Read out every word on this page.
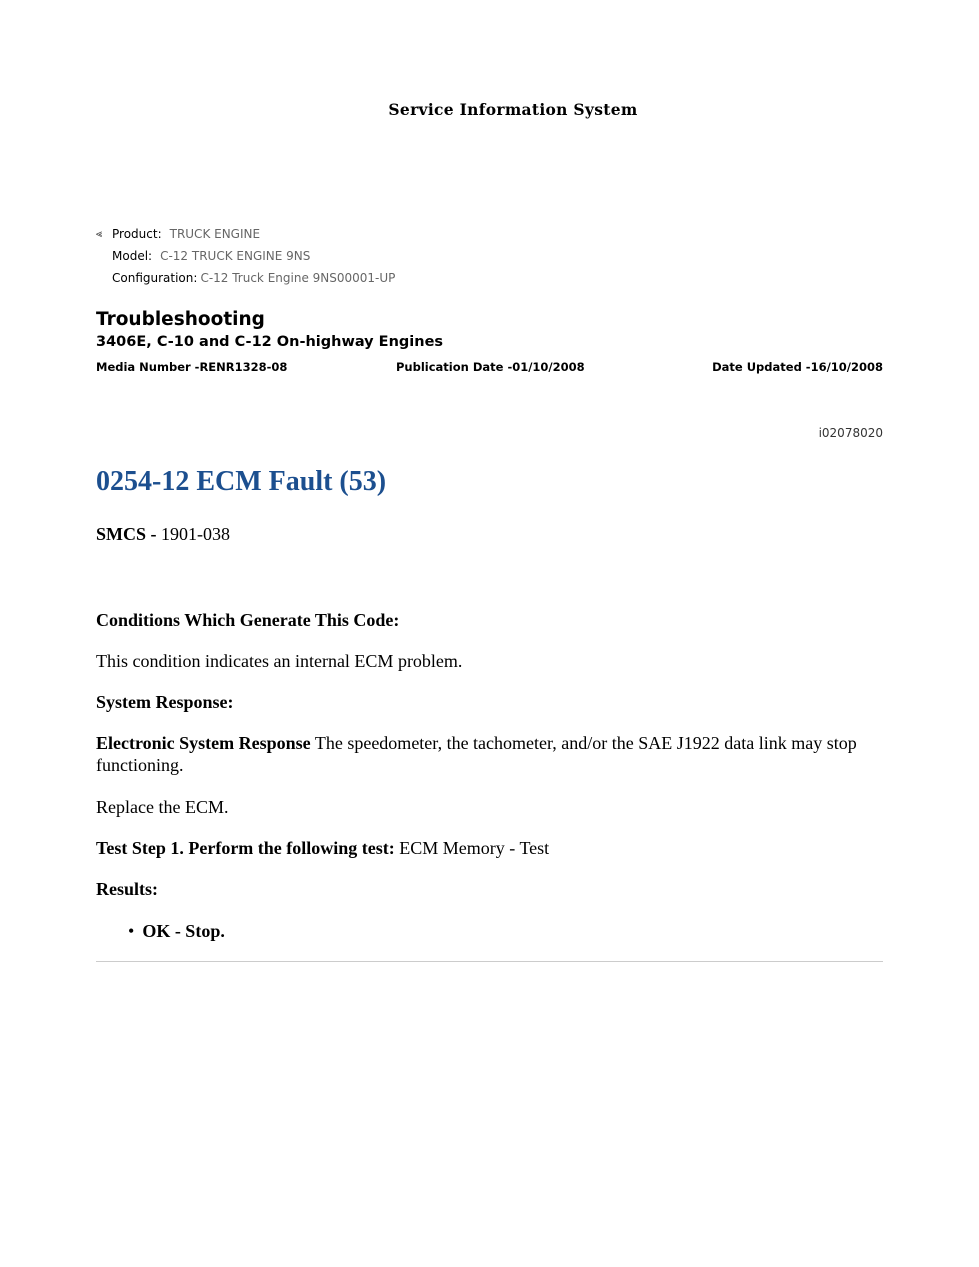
Service Information System
⪡ Product: TRUCK ENGINE
Model: C-12 TRUCK ENGINE 9NS
Configuration: C-12 Truck Engine 9NS00001-UP
Troubleshooting
3406E, C-10 and C-12 On-highway Engines
Media Number -RENR1328-08	Publication Date -01/10/2008	Date Updated -16/10/2008
i02078020
0254-12 ECM Fault (53)
SMCS - 1901-038
Conditions Which Generate This Code:
This condition indicates an internal ECM problem.
System Response:
Electronic System Response The speedometer, the tachometer, and/or the SAE J1922 data link may stop functioning.
Replace the ECM.
Test Step 1. Perform the following test: ECM Memory - Test
Results:
• OK - Stop.
